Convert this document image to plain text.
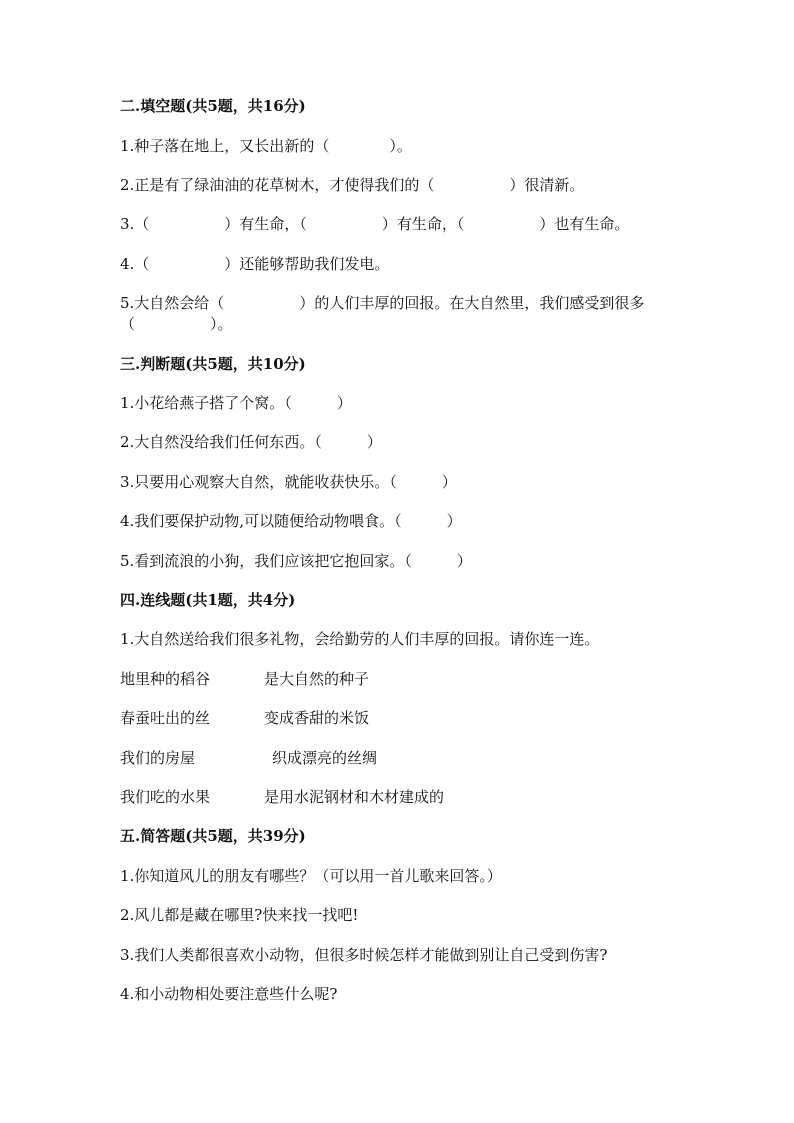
二.填空题(共5题，共16分)
1.种子落在地上，又长出新的（　　　　）。
2.正是有了绿油油的花草树木，才使得我们的（　　　　　）很清新。
3.（　　　　　）有生命，（　　　　　）有生命，（　　　　　）也有生命。
4.（　　　　　）还能够帮助我们发电。
5.大自然会给（　　　　　）的人们丰厚的回报。在大自然里，我们感受到很多
（　　　　　）。
三.判断题(共5题，共10分)
1.小花给燕子搭了个窝。（　　　）
2.大自然没给我们任何东西。（　　　）
3.只要用心观察大自然，就能收获快乐。（　　　）
4.我们要保护动物,可以随便给动物喂食。（　　　）
5.看到流浪的小狗，我们应该把它抱回家。（　　　）
四.连线题(共1题，共4分)
1.大自然送给我们很多礼物，会给勤劳的人们丰厚的回报。请你连一连。
地里种的稻谷	是大自然的种子
春蚕吐出的丝	变成香甜的米饭
我们的房屋	织成漂亮的丝绸
我们吃的水果	是用水泥钢材和木材建成的
五.简答题(共5题，共39分)
1.你知道风儿的朋友有哪些？（可以用一首儿歌来回答。）
2.风儿都是藏在哪里?快来找一找吧!
3.我们人类都很喜欢小动物，但很多时候怎样才能做到别让自己受到伤害?
4.和小动物相处要注意些什么呢?
